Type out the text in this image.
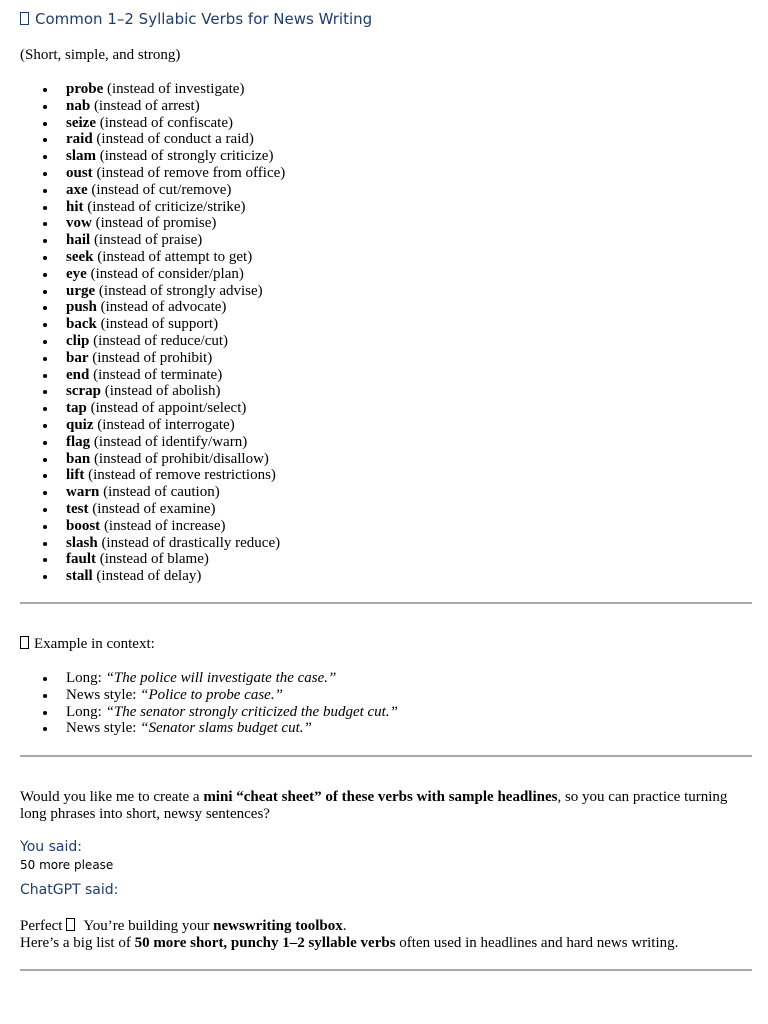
Common 1–2 Syllabic Verbs for News Writing
(Short, simple, and strong)
probe (instead of investigate)
nab (instead of arrest)
seize (instead of confiscate)
raid (instead of conduct a raid)
slam (instead of strongly criticize)
oust (instead of remove from office)
axe (instead of cut/remove)
hit (instead of criticize/strike)
vow (instead of promise)
hail (instead of praise)
seek (instead of attempt to get)
eye (instead of consider/plan)
urge (instead of strongly advise)
push (instead of advocate)
back (instead of support)
clip (instead of reduce/cut)
bar (instead of prohibit)
end (instead of terminate)
scrap (instead of abolish)
tap (instead of appoint/select)
quiz (instead of interrogate)
flag (instead of identify/warn)
ban (instead of prohibit/disallow)
lift (instead of remove restrictions)
warn (instead of caution)
test (instead of examine)
boost (instead of increase)
slash (instead of drastically reduce)
fault (instead of blame)
stall (instead of delay)
Example in context:
Long: “The police will investigate the case.”
News style: “Police to probe case.”
Long: “The senator strongly criticized the budget cut.”
News style: “Senator slams budget cut.”
Would you like me to create a mini “cheat sheet” of these verbs with sample headlines, so you can practice turning long phrases into short, newsy sentences?
You said:
50 more please
ChatGPT said:
Perfect  You’re building your newswriting toolbox.
Here’s a big list of 50 more short, punchy 1–2 syllable verbs often used in headlines and hard news writing.
